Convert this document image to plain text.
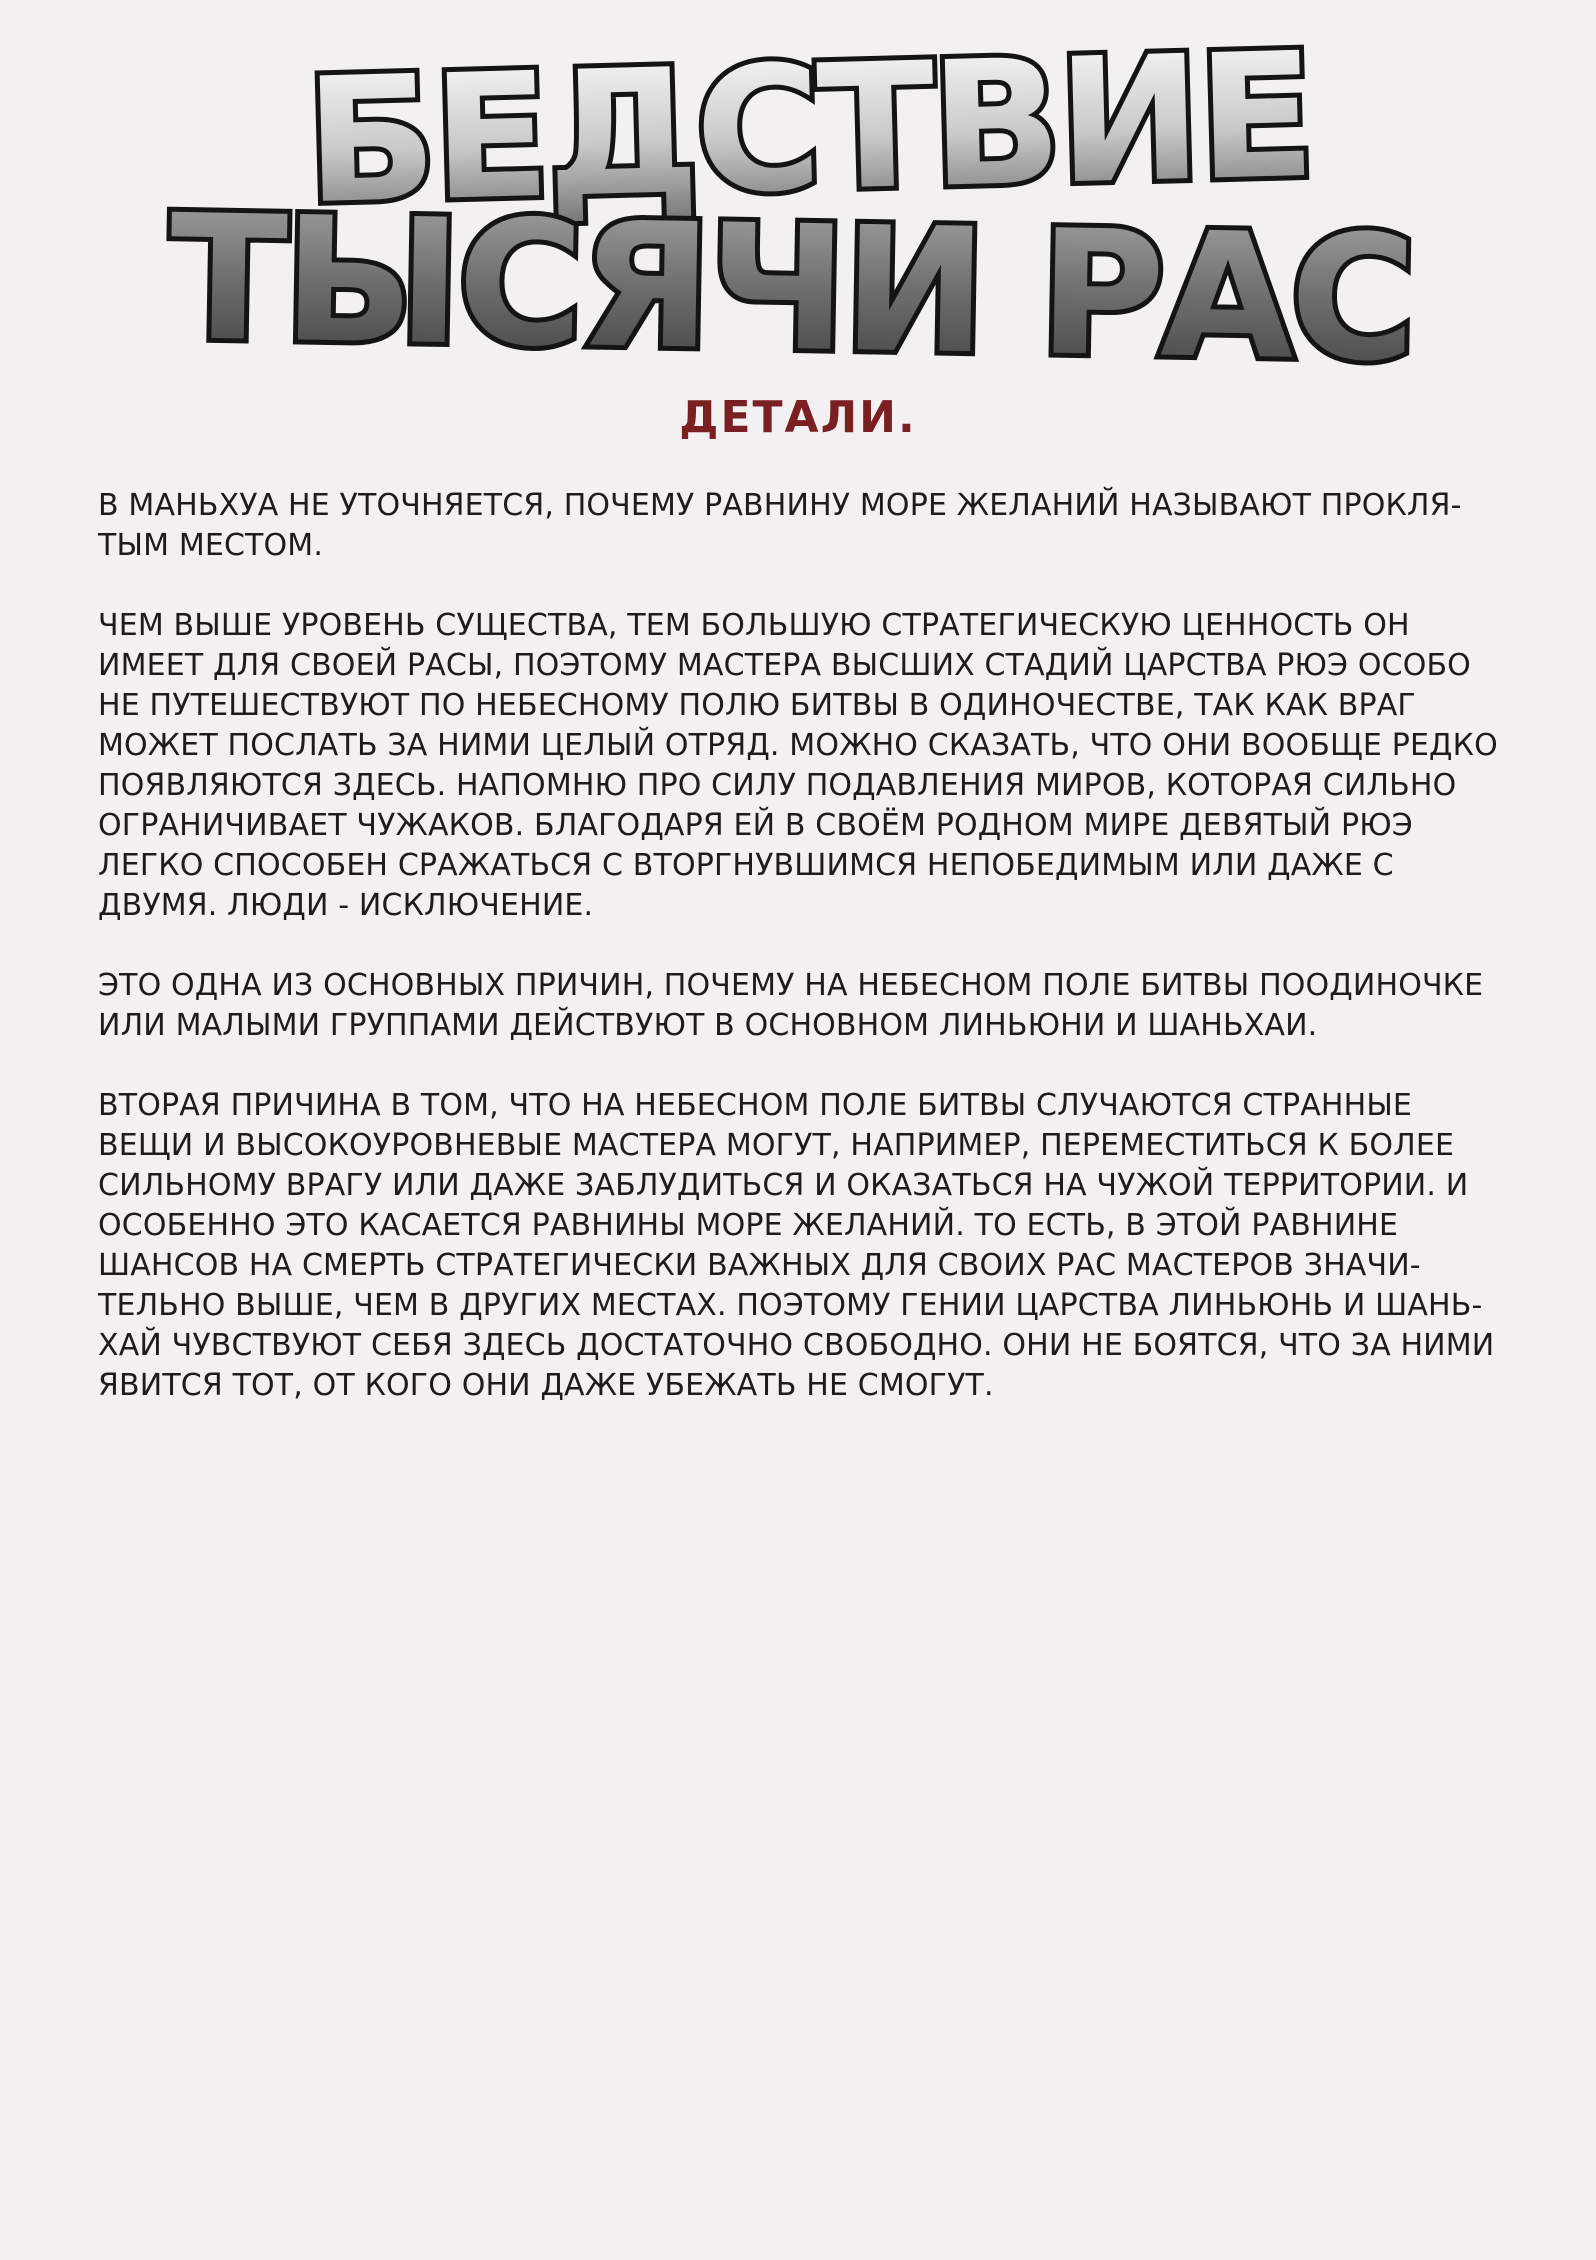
БЕДСТВИЕ
ТЫСЯЧИ РАС
ДЕТАЛИ.

В МАНЬХУА НЕ УТОЧНЯЕТСЯ, ПОЧЕМУ РАВНИНУ МОРЕ ЖЕЛАНИЙ НАЗЫВАЮТ ПРОКЛЯ-
ТЫМ МЕСТОМ.

ЧЕМ ВЫШЕ УРОВЕНЬ СУЩЕСТВА, ТЕМ БОЛЬШУЮ СТРАТЕГИЧЕСКУЮ ЦЕННОСТЬ ОН
ИМЕЕТ ДЛЯ СВОЕЙ РАСЫ, ПОЭТОМУ МАСТЕРА ВЫСШИХ СТАДИЙ ЦАРСТВА РЮЭ ОСОБО
НЕ ПУТЕШЕСТВУЮТ ПО НЕБЕСНОМУ ПОЛЮ БИТВЫ В ОДИНОЧЕСТВЕ, ТАК КАК ВРАГ
МОЖЕТ ПОСЛАТЬ ЗА НИМИ ЦЕЛЫЙ ОТРЯД. МОЖНО СКАЗАТЬ, ЧТО ОНИ ВООБЩЕ РЕДКО
ПОЯВЛЯЮТСЯ ЗДЕСЬ. НАПОМНЮ ПРО СИЛУ ПОДАВЛЕНИЯ МИРОВ, КОТОРАЯ СИЛЬНО
ОГРАНИЧИВАЕТ ЧУЖАКОВ. БЛАГОДАРЯ ЕЙ В СВОЁМ РОДНОМ МИРЕ ДЕВЯТЫЙ РЮЭ
ЛЕГКО СПОСОБЕН СРАЖАТЬСЯ С ВТОРГНУВШИМСЯ НЕПОБЕДИМЫМ ИЛИ ДАЖЕ С
ДВУМЯ. ЛЮДИ - ИСКЛЮЧЕНИЕ.

ЭТО ОДНА ИЗ ОСНОВНЫХ ПРИЧИН, ПОЧЕМУ НА НЕБЕСНОМ ПОЛЕ БИТВЫ ПООДИНОЧКЕ
ИЛИ МАЛЫМИ ГРУППАМИ ДЕЙСТВУЮТ В ОСНОВНОМ ЛИНЬЮНИ И ШАНЬХАИ.

ВТОРАЯ ПРИЧИНА В ТОМ, ЧТО НА НЕБЕСНОМ ПОЛЕ БИТВЫ СЛУЧАЮТСЯ СТРАННЫЕ
ВЕЩИ И ВЫСОКОУРОВНЕВЫЕ МАСТЕРА МОГУТ, НАПРИМЕР, ПЕРЕМЕСТИТЬСЯ К БОЛЕЕ
СИЛЬНОМУ ВРАГУ ИЛИ ДАЖЕ ЗАБЛУДИТЬСЯ И ОКАЗАТЬСЯ НА ЧУЖОЙ ТЕРРИТОРИИ. И
ОСОБЕННО ЭТО КАСАЕТСЯ РАВНИНЫ МОРЕ ЖЕЛАНИЙ. ТО ЕСТЬ, В ЭТОЙ РАВНИНЕ
ШАНСОВ НА СМЕРТЬ СТРАТЕГИЧЕСКИ ВАЖНЫХ ДЛЯ СВОИХ РАС МАСТЕРОВ ЗНАЧИ-
ТЕЛЬНО ВЫШЕ, ЧЕМ В ДРУГИХ МЕСТАХ. ПОЭТОМУ ГЕНИИ ЦАРСТВА ЛИНЬЮНЬ И ШАНЬ-
ХАЙ ЧУВСТВУЮТ СЕБЯ ЗДЕСЬ ДОСТАТОЧНО СВОБОДНО. ОНИ НЕ БОЯТСЯ, ЧТО ЗА НИМИ
ЯВИТСЯ ТОТ, ОТ КОГО ОНИ ДАЖЕ УБЕЖАТЬ НЕ СМОГУТ.
